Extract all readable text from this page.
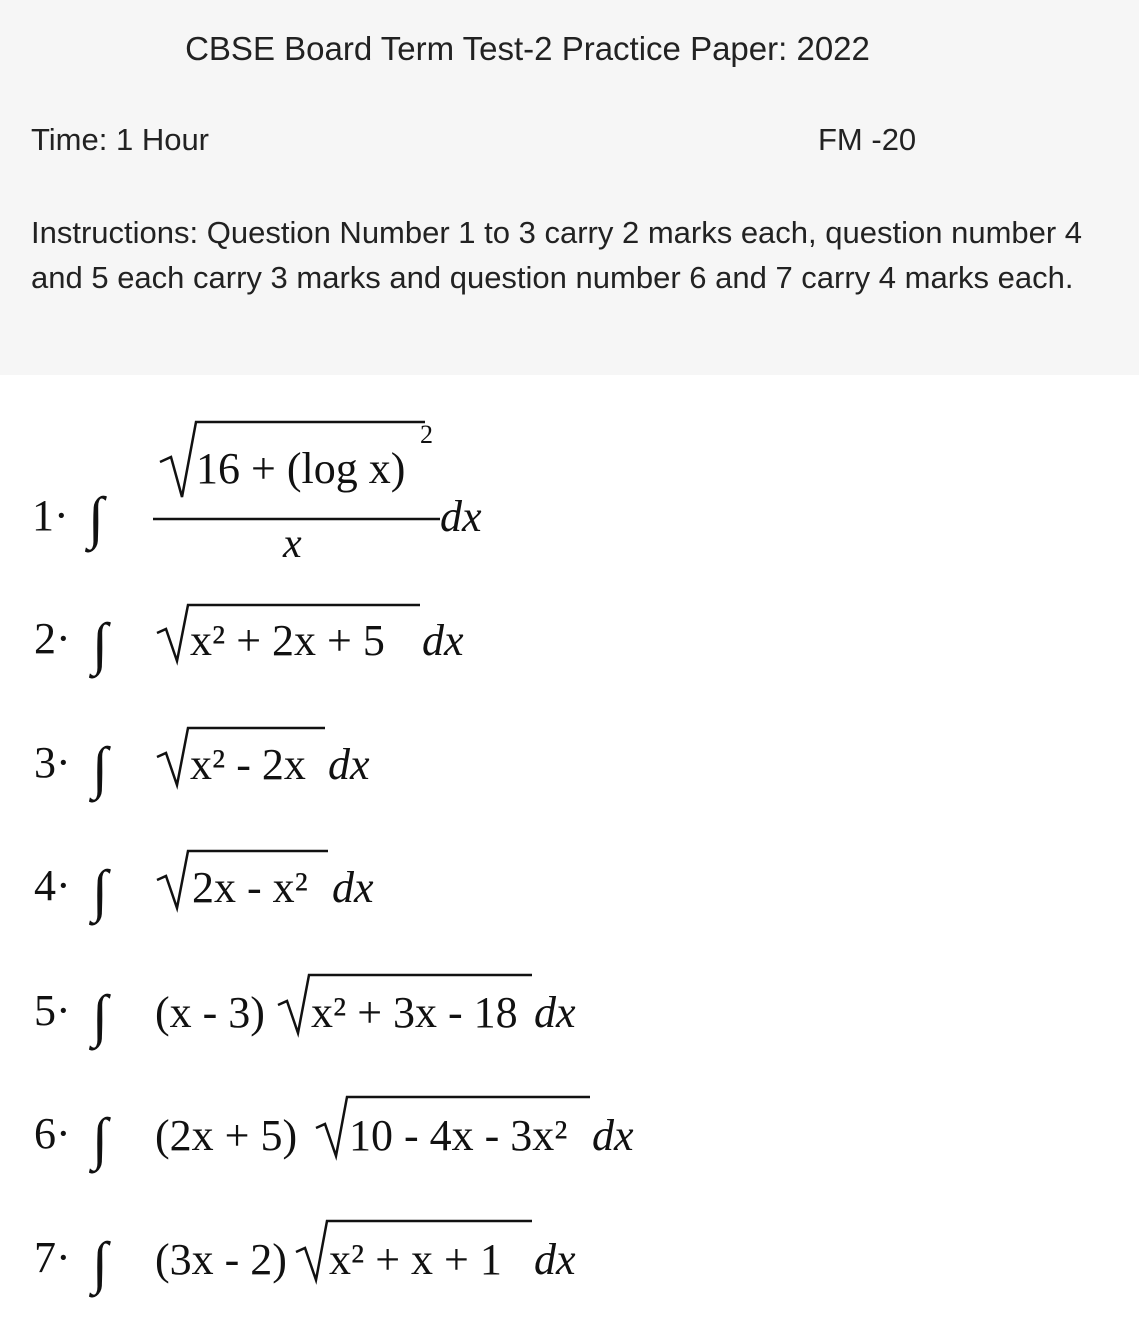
CBSE Board Term Test-2 Practice Paper: 2022
Time: 1 Hour	FM -20

Instructions: Question Number 1 to 3 carry 2 marks each, question number 4 and 5 each carry 3 marks and question number 6 and 7 carry 4 marks each.

1· ∫
16 + (log x)
2
x
dx
2· ∫ x² + 2x + 5 dx
3· ∫ x² - 2x dx
4· ∫ 2x - x² dx
5· ∫ (x - 3) x² + 3x - 18 dx
6· ∫ (2x + 5) 10 - 4x - 3x² dx
7· ∫ (3x - 2) x² + x + 1 dx
